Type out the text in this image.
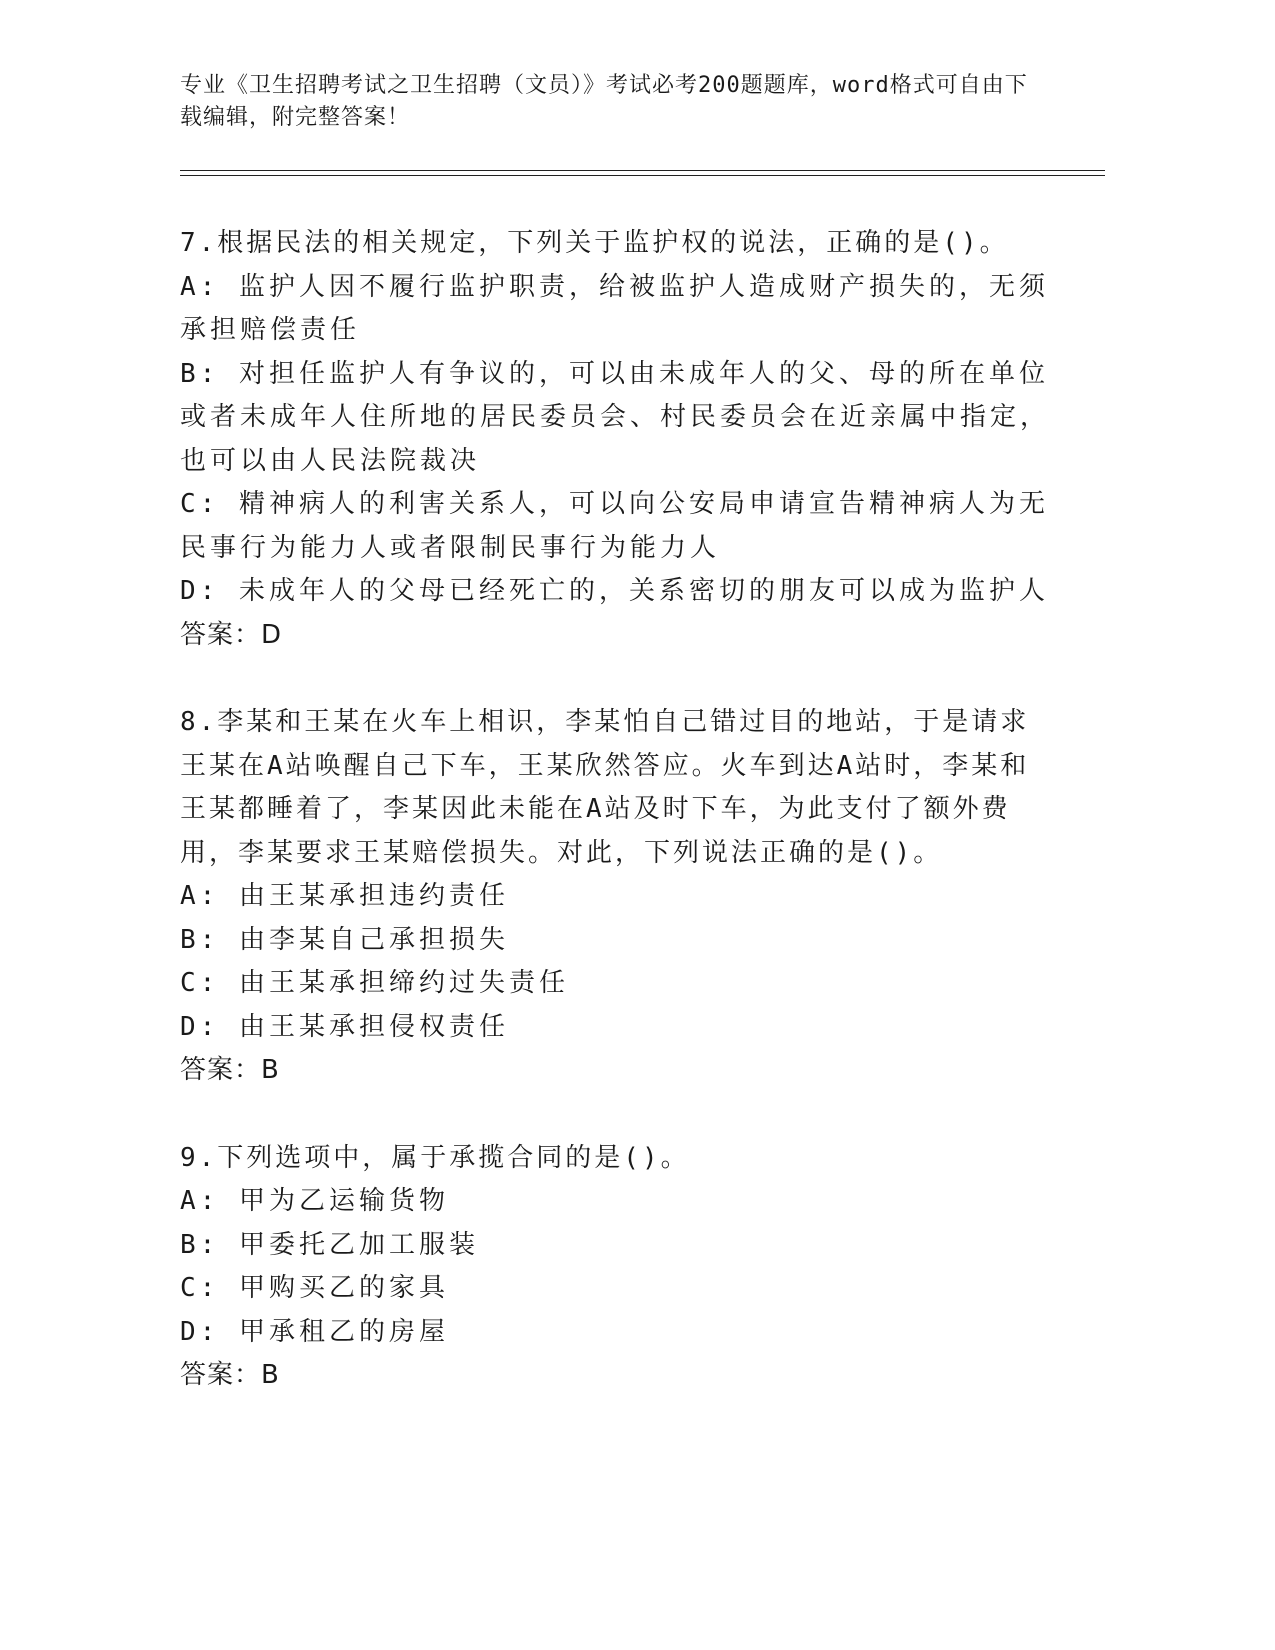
专业《卫生招聘考试之卫生招聘（文员）》考试必考200题题库，word格式可自由下载编辑，附完整答案！
7.根据民法的相关规定，下列关于监护权的说法，正确的是()。
A: 监护人因不履行监护职责，给被监护人造成财产损失的，无须承担赔偿责任
B: 对担任监护人有争议的，可以由未成年人的父、母的所在单位或者未成年人住所地的居民委员会、村民委员会在近亲属中指定，也可以由人民法院裁决
C: 精神病人的利害关系人，可以向公安局申请宣告精神病人为无民事行为能力人或者限制民事行为能力人
D: 未成年人的父母已经死亡的，关系密切的朋友可以成为监护人
答案：D
8.李某和王某在火车上相识，李某怕自己错过目的地站，于是请求王某在A站唤醒自己下车，王某欣然答应。火车到达A站时，李某和王某都睡着了，李某因此未能在A站及时下车，为此支付了额外费用，李某要求王某赔偿损失。对此，下列说法正确的是()。
A: 由王某承担违约责任
B: 由李某自己承担损失
C: 由王某承担缔约过失责任
D: 由王某承担侵权责任
答案：B
9.下列选项中，属于承揽合同的是()。
A: 甲为乙运输货物
B: 甲委托乙加工服装
C: 甲购买乙的家具
D: 甲承租乙的房屋
答案：B
